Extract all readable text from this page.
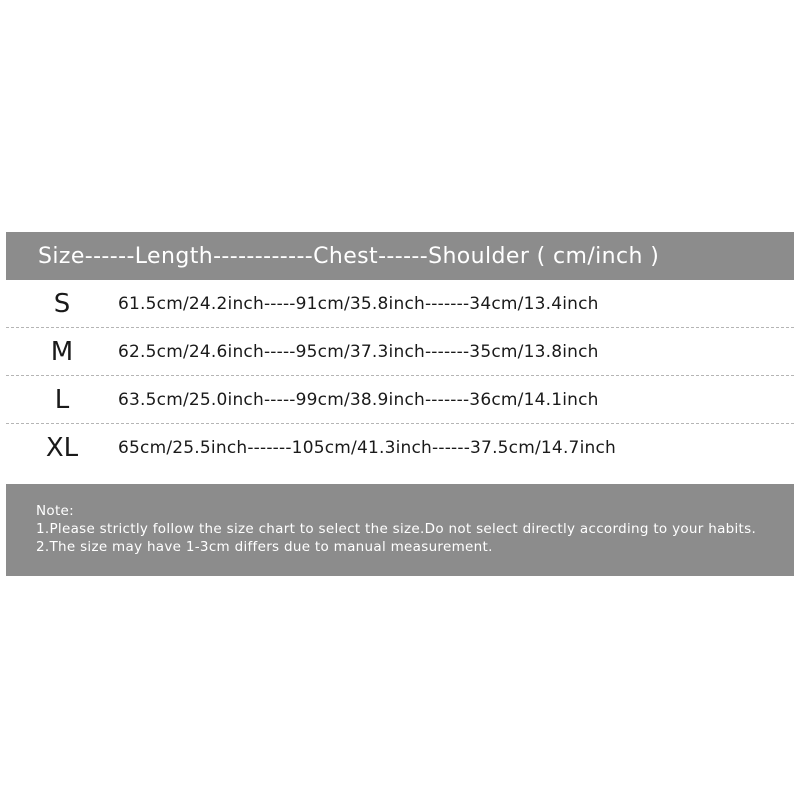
Size------Length------------Chest------Shoulder ( cm/inch )
S	61.5cm/24.2inch-----91cm/35.8inch-------34cm/13.4inch
M	62.5cm/24.6inch-----95cm/37.3inch-------35cm/13.8inch
L	63.5cm/25.0inch-----99cm/38.9inch-------36cm/14.1inch
XL	65cm/25.5inch-------105cm/41.3inch------37.5cm/14.7inch
Note:
1.Please strictly follow the size chart to select the size.Do not select directly according to your habits.
2.The size may have 1-3cm differs due to manual measurement.
